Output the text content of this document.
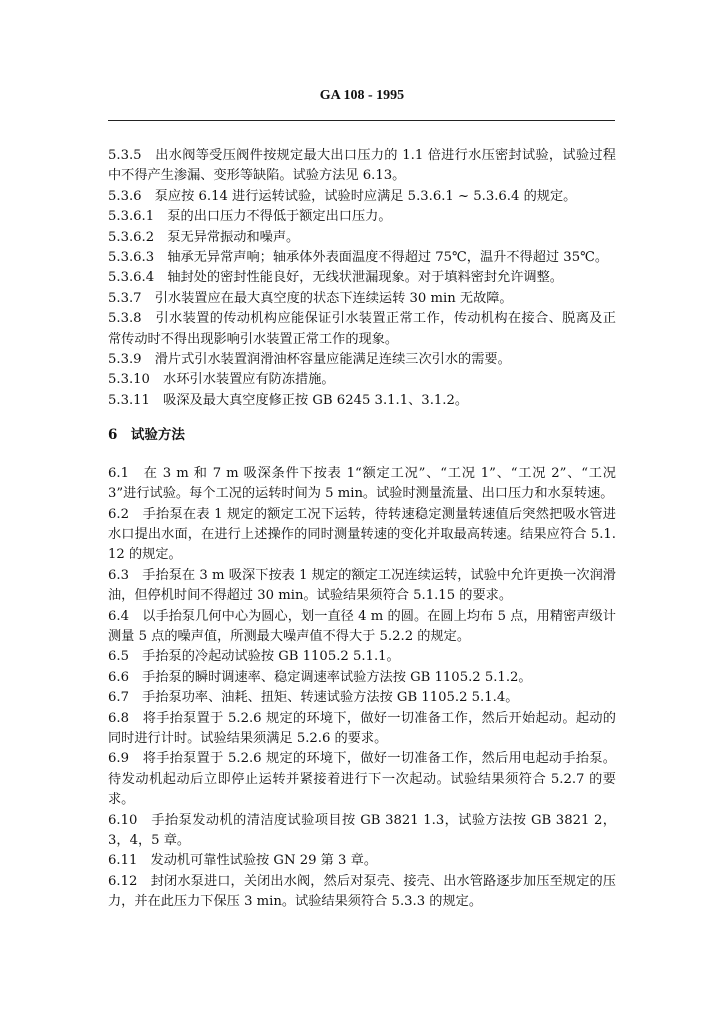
GA 108 - 1995

5.3.5　出水阀等受压阀件按规定最大出口压力的 1.1 倍进行水压密封试验，试验过程中不得产生渗漏、变形等缺陷。试验方法见 6.13。

5.3.6　泵应按 6.14 进行运转试验，试验时应满足 5.3.6.1 ~ 5.3.6.4 的规定。

5.3.6.1　泵的出口压力不得低于额定出口压力。

5.3.6.2　泵无异常振动和噪声。

5.3.6.3　轴承无异常声响；轴承体外表面温度不得超过 75℃，温升不得超过 35℃。

5.3.6.4　轴封处的密封性能良好，无线状泄漏现象。对于填料密封允许调整。

5.3.7　引水装置应在最大真空度的状态下连续运转 30 min 无故障。

5.3.8　引水装置的传动机构应能保证引水装置正常工作，传动机构在接合、脱离及正常传动时不得出现影响引水装置正常工作的现象。

5.3.9　滑片式引水装置润滑油杯容量应能满足连续三次引水的需要。

5.3.10　水环引水装置应有防冻措施。

5.3.11　吸深及最大真空度修正按 GB 6245 3.1.1、3.1.2。

6　试验方法

6.1　在 3 m 和 7 m 吸深条件下按表 1“额定工况”、“工况 1”、“工况 2”、“工况 3”进行试验。每个工况的运转时间为 5 min。试验时测量流量、出口压力和水泵转速。

6.2　手抬泵在表 1 规定的额定工况下运转，待转速稳定测量转速值后突然把吸水管进水口提出水面，在进行上述操作的同时测量转速的变化并取最高转速。结果应符合 5.1.12 的规定。

6.3　手抬泵在 3 m 吸深下按表 1 规定的额定工况连续运转，试验中允许更换一次润滑油，但停机时间不得超过 30 min。试验结果须符合 5.1.15 的要求。

6.4　以手抬泵几何中心为圆心，划一直径 4 m 的圆。在圆上均布 5 点，用精密声级计测量 5 点的噪声值，所测最大噪声值不得大于 5.2.2 的规定。

6.5　手抬泵的冷起动试验按 GB 1105.2 5.1.1。

6.6　手抬泵的瞬时调速率、稳定调速率试验方法按 GB 1105.2 5.1.2。

6.7　手抬泵功率、油耗、扭矩、转速试验方法按 GB 1105.2 5.1.4。

6.8　将手抬泵置于 5.2.6 规定的环境下，做好一切准备工作，然后开始起动。起动的同时进行计时。试验结果须满足 5.2.6 的要求。

6.9　将手抬泵置于 5.2.6 规定的环境下，做好一切准备工作，然后用电起动手抬泵。待发动机起动后立即停止运转并紧接着进行下一次起动。试验结果须符合 5.2.7 的要求。

6.10　手抬泵发动机的清洁度试验项目按 GB 3821 1.3，试验方法按 GB 3821 2，3，4，5 章。

6.11　发动机可靠性试验按 GN 29 第 3 章。

6.12　封闭水泵进口，关闭出水阀，然后对泵壳、接壳、出水管路逐步加压至规定的压力，并在此压力下保压 3 min。试验结果须符合 5.3.3 的规定。
